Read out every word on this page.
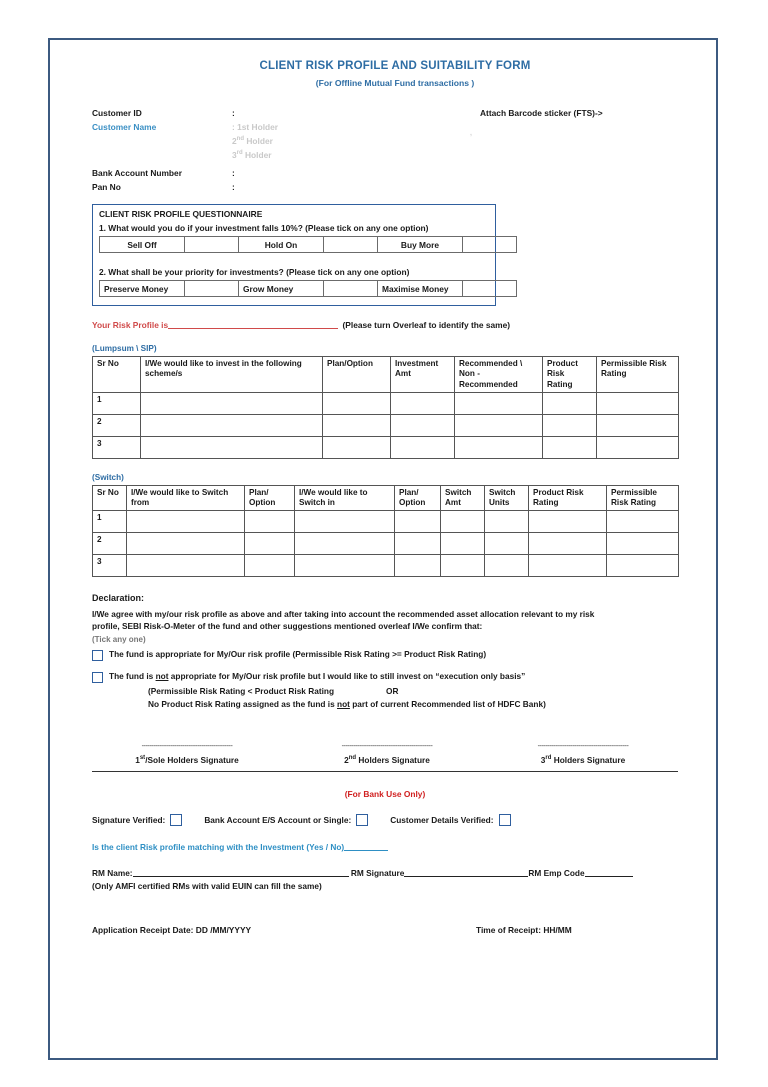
CLIENT RISK PROFILE AND SUITABILITY FORM
(For Offline Mutual Fund transactions )
Attach Barcode sticker (FTS)->
,
Customer ID	:
Customer Name	: 1st Holder
2nd Holder
3rd Holder
Bank Account Number	:
Pan No	:
CLIENT RISK PROFILE QUESTIONNAIRE
1. What would you do if your investment falls 10%? (Please tick on any one option)
Sell Off		Hold On		Buy More	
2. What shall be your priority for investments? (Please tick on any one option)
Preserve Money		Grow Money		Maximise Money	
Your Risk Profile is	(Please turn Overleaf to identify the same)
(Lumpsum \ SIP)
Sr No	I/We would like to invest in the following scheme/s	Plan/Option	Investment Amt	Recommended \ Non - Recommended	Product Risk Rating	Permissible Risk Rating
1						
2						
3						
(Switch)
Sr No	I/We would like to Switch from	Plan/ Option	I/We would like to Switch in	Plan/ Option	Switch Amt	Switch Units	Product Risk Rating	Permissible Risk Rating
1								
2								
3								
Declaration:
I/We agree with my/our risk profile as above and after taking into account the recommended asset allocation relevant to my risk
profile, SEBI Risk-O-Meter of the fund and other suggestions mentioned overleaf I/We confirm that:
(Tick any one)
The fund is appropriate for My/Our risk profile (Permissible Risk Rating >= Product Risk Rating)
The fund is not appropriate for My/Our risk profile but I would like to still invest on “execution only basis”
(Permissible Risk Rating < Product Risk Rating	OR
No Product Risk Rating assigned as the fund is not part of current Recommended list of HDFC Bank)
-----------------------------------------------
1st/Sole Holders Signature
-----------------------------------------------
2nd Holders Signature
-----------------------------------------------
3rd Holders Signature
(For Bank Use Only)
Signature Verified:	Bank Account E/S Account or Single:	Customer Details Verified:
Is the client Risk profile matching with the Investment (Yes / No)
RM Name:	RM Signature	RM Emp Code
(Only AMFI certified RMs with valid EUIN can fill the same)
Application Receipt Date: DD /MM/YYYY	Time of Receipt: HH/MM
